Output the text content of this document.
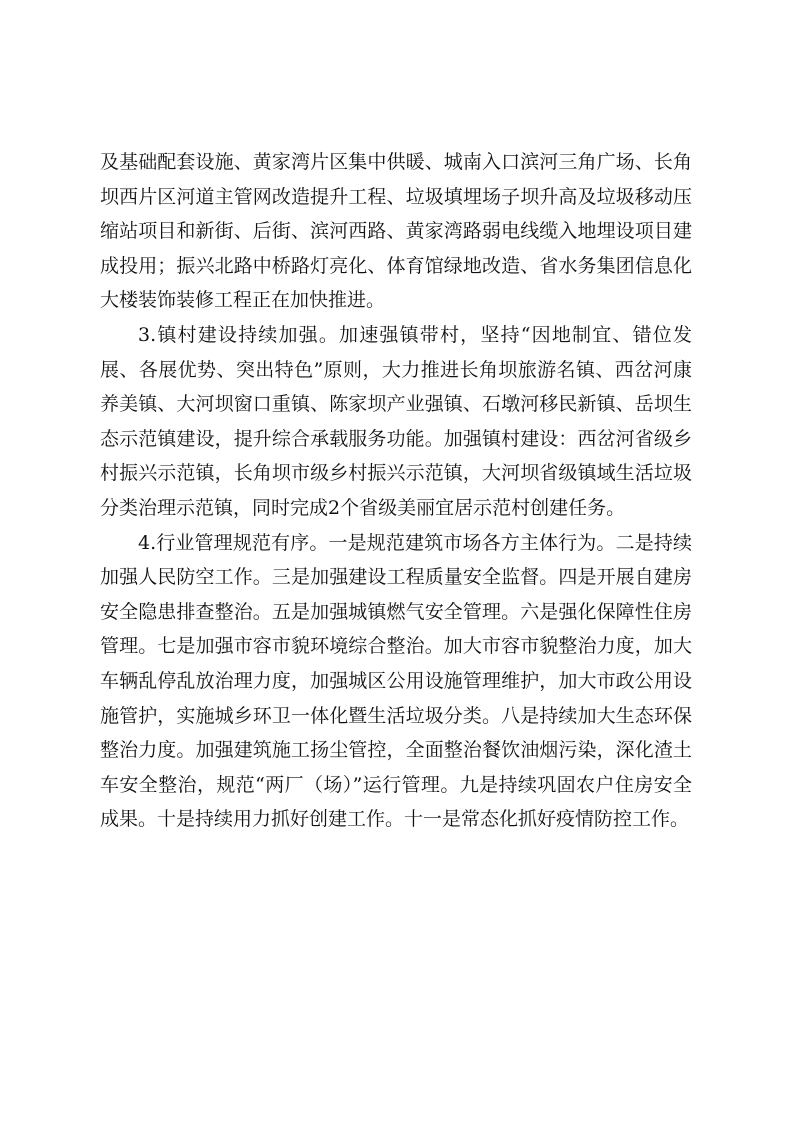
及基础配套设施、黄家湾片区集中供暖、城南入口滨河三角广场、长角坝西片区河道主管网改造提升工程、垃圾填埋场子坝升高及垃圾移动压缩站项目和新街、后街、滨河西路、黄家湾路弱电线缆入地埋设项目建成投用；振兴北路中桥路灯亮化、体育馆绿地改造、省水务集团信息化大楼装饰装修工程正在加快推进。

3.镇村建设持续加强。加速强镇带村，坚持“因地制宜、错位发展、各展优势、突出特色”原则，大力推进长角坝旅游名镇、西岔河康养美镇、大河坝窗口重镇、陈家坝产业强镇、石墩河移民新镇、岳坝生态示范镇建设，提升综合承载服务功能。加强镇村建设：西岔河省级乡村振兴示范镇，长角坝市级乡村振兴示范镇，大河坝省级镇域生活垃圾分类治理示范镇，同时完成2个省级美丽宜居示范村创建任务。

4.行业管理规范有序。一是规范建筑市场各方主体行为。二是持续加强人民防空工作。三是加强建设工程质量安全监督。四是开展自建房安全隐患排查整治。五是加强城镇燃气安全管理。六是强化保障性住房管理。七是加强市容市貌环境综合整治。加大市容市貌整治力度，加大车辆乱停乱放治理力度，加强城区公用设施管理维护，加大市政公用设施管护，实施城乡环卫一体化暨生活垃圾分类。八是持续加大生态环保整治力度。加强建筑施工扬尘管控，全面整治餐饮油烟污染，深化渣土车安全整治，规范“两厂（场）”运行管理。九是持续巩固农户住房安全成果。十是持续用力抓好创建工作。十一是常态化抓好疫情防控工作。
